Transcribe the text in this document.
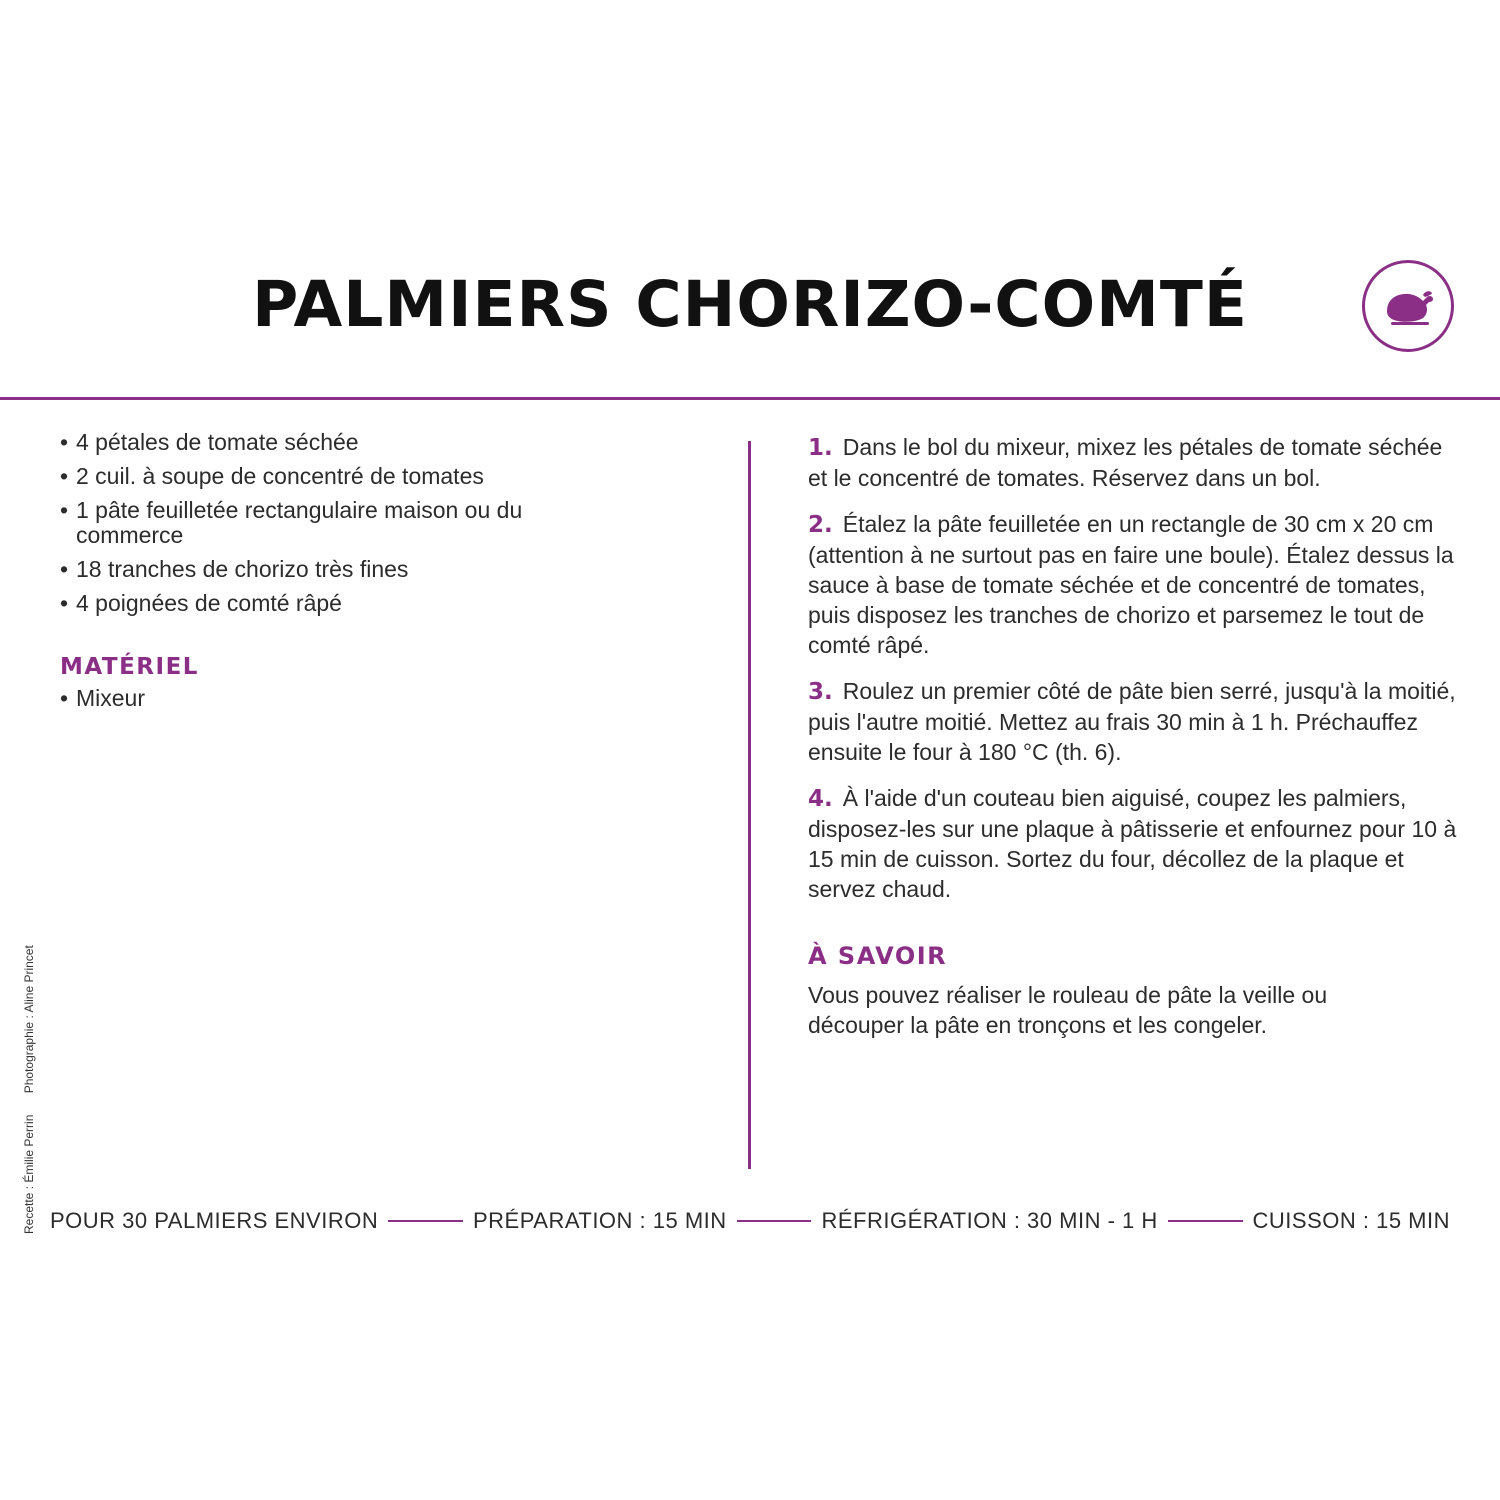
PALMIERS CHORIZO-COMTÉ
• 4 pétales de tomate séchée
• 2 cuil. à soupe de concentré de tomates
• 1 pâte feuilletée rectangulaire maison ou du commerce
• 18 tranches de chorizo très fines
• 4 poignées de comté râpé
MATÉRIEL
• Mixeur

1. Dans le bol du mixeur, mixez les pétales de tomate séchée et le concentré de tomates. Réservez dans un bol.

2. Étalez la pâte feuilletée en un rectangle de 30 cm x 20 cm (attention à ne surtout pas en faire une boule). Étalez dessus la sauce à base de tomate séchée et de concentré de tomates, puis disposez les tranches de chorizo et parsemez le tout de comté râpé.

3. Roulez un premier côté de pâte bien serré, jusqu'à la moitié, puis l'autre moitié. Mettez au frais 30 min à 1 h. Préchauffez ensuite le four à 180 °C (th. 6).

4. À l'aide d'un couteau bien aiguisé, coupez les palmiers, disposez-les sur une plaque à pâtisserie et enfournez pour 10 à 15 min de cuisson. Sortez du four, décollez de la plaque et servez chaud.

À SAVOIR

Vous pouvez réaliser le rouleau de pâte la veille ou découper la pâte en tronçons et les congeler.

POUR 30 PALMIERS ENVIRON	PRÉPARATION : 15 MIN	RÉFRIGÉRATION : 30 MIN - 1 H	CUISSON : 15 MIN
Recette : Émilie Perrin Photographie : Aline Princet
